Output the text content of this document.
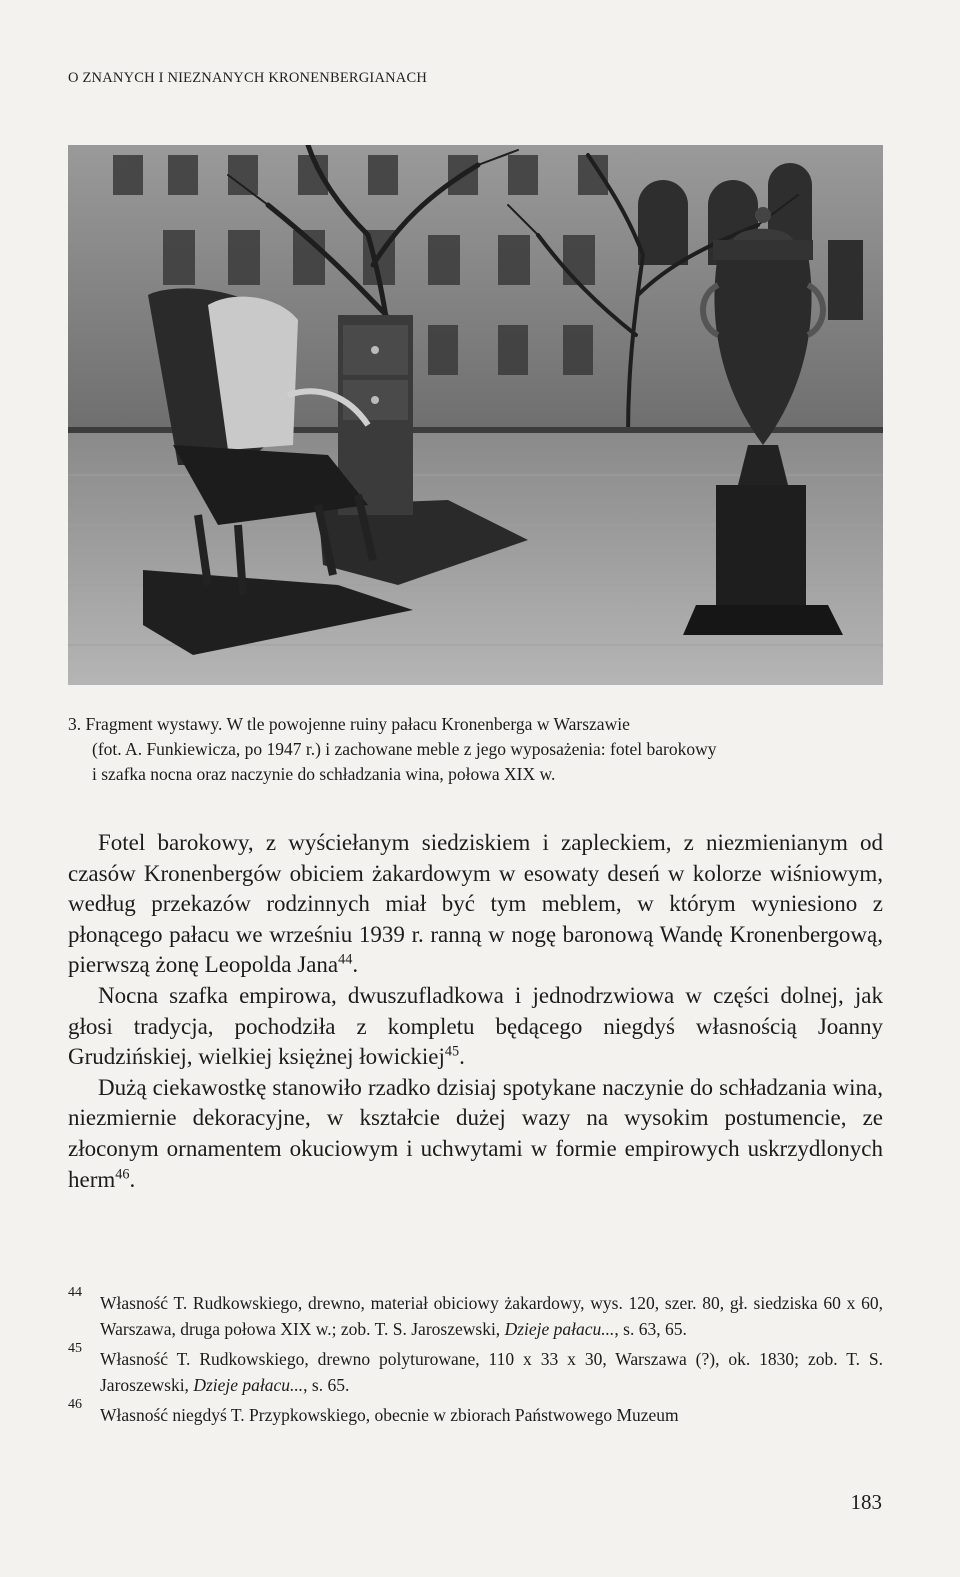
O ZNANYCH I NIEZNANYCH KRONENBERGIANACH
3. Fragment wystawy. W tle powojenne ruiny pałacu Kronenberga w Warszawie
(fot. A. Funkiewicza, po 1947 r.) i zachowane meble z jego wyposażenia: fotel barokowy
i szafka nocna oraz naczynie do schładzania wina, połowa XIX w.

Fotel barokowy, z wyściełanym siedziskiem i zapleckiem, z niezmienianym od czasów Kronenbergów obiciem żakardowym w esowaty deseń w kolorze wiśniowym, według przekazów rodzinnych miał być tym meblem, w którym wyniesiono z płonącego pałacu we wrześniu 1939 r. ranną w nogę baronową Wandę Kronenbergową, pierwszą żonę Leopolda Jana$^{44}$.

Nocna szafka empirowa, dwuszufladkowa i jednodrzwiowa w części dolnej, jak głosi tradycja, pochodziła z kompletu będącego niegdyś własnością Joanny Grudzińskiej, wielkiej księżnej łowickiej$^{45}$.

Dużą ciekawostkę stanowiło rzadko dzisiaj spotykane naczynie do schładzania wina, niezmiernie dekoracyjne, w kształcie dużej wazy na wysokim postumencie, ze złoconym ornamentem okuciowym i uchwytami w formie empirowych uskrzydlonych herm$^{46}$.

44
Własność T. Rudkowskiego, drewno, materiał obiciowy żakardowy, wys. 120, szer. 80, gł. siedziska 60 x 60, Warszawa, druga połowa XIX w.; zob. T. S. Jaroszewski, Dzieje pałacu..., s. 63, 65.
45
Własność T. Rudkowskiego, drewno polyturowane, 110 x 33 x 30, Warszawa (?), ok. 1830; zob. T. S. Jaroszewski, Dzieje pałacu..., s. 65.
46
Własność niegdyś T. Przypkowskiego, obecnie w zbiorach Państwowego Muzeum
183
